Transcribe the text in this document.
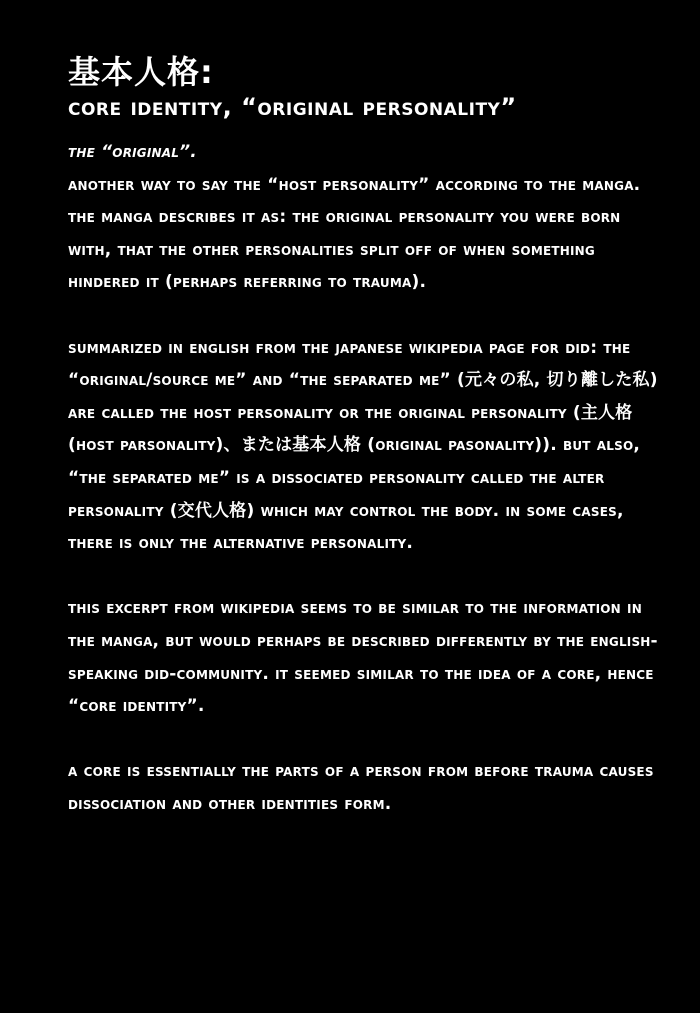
基本人格:
core identity, “original personality”

the “original”.

another way to say the “host personality” according to the manga.

the manga describes it as: the original personality you were born with, that the other personalities split off of when something hindered it (perhaps referring to trauma).

summarized in english from the japanese wikipedia page for did: the “original/source me” and “the separated me” (元々の私, 切り離した私) are called the host personality or the original personality (主人格 (host parsonality)、または基本人格 (original pasonality)). but also, “the separated me” is a dissociated personality called the alter personality (交代人格) which may control the body. in some cases, there is only the alternative personality.

this excerpt from wikipedia seems to be similar to the information in the manga, but would perhaps be described differently by the english-speaking did-community. it seemed similar to the idea of a core, hence “core identity”.

a core is essentially the parts of a person from before trauma causes dissociation and other identities form.
